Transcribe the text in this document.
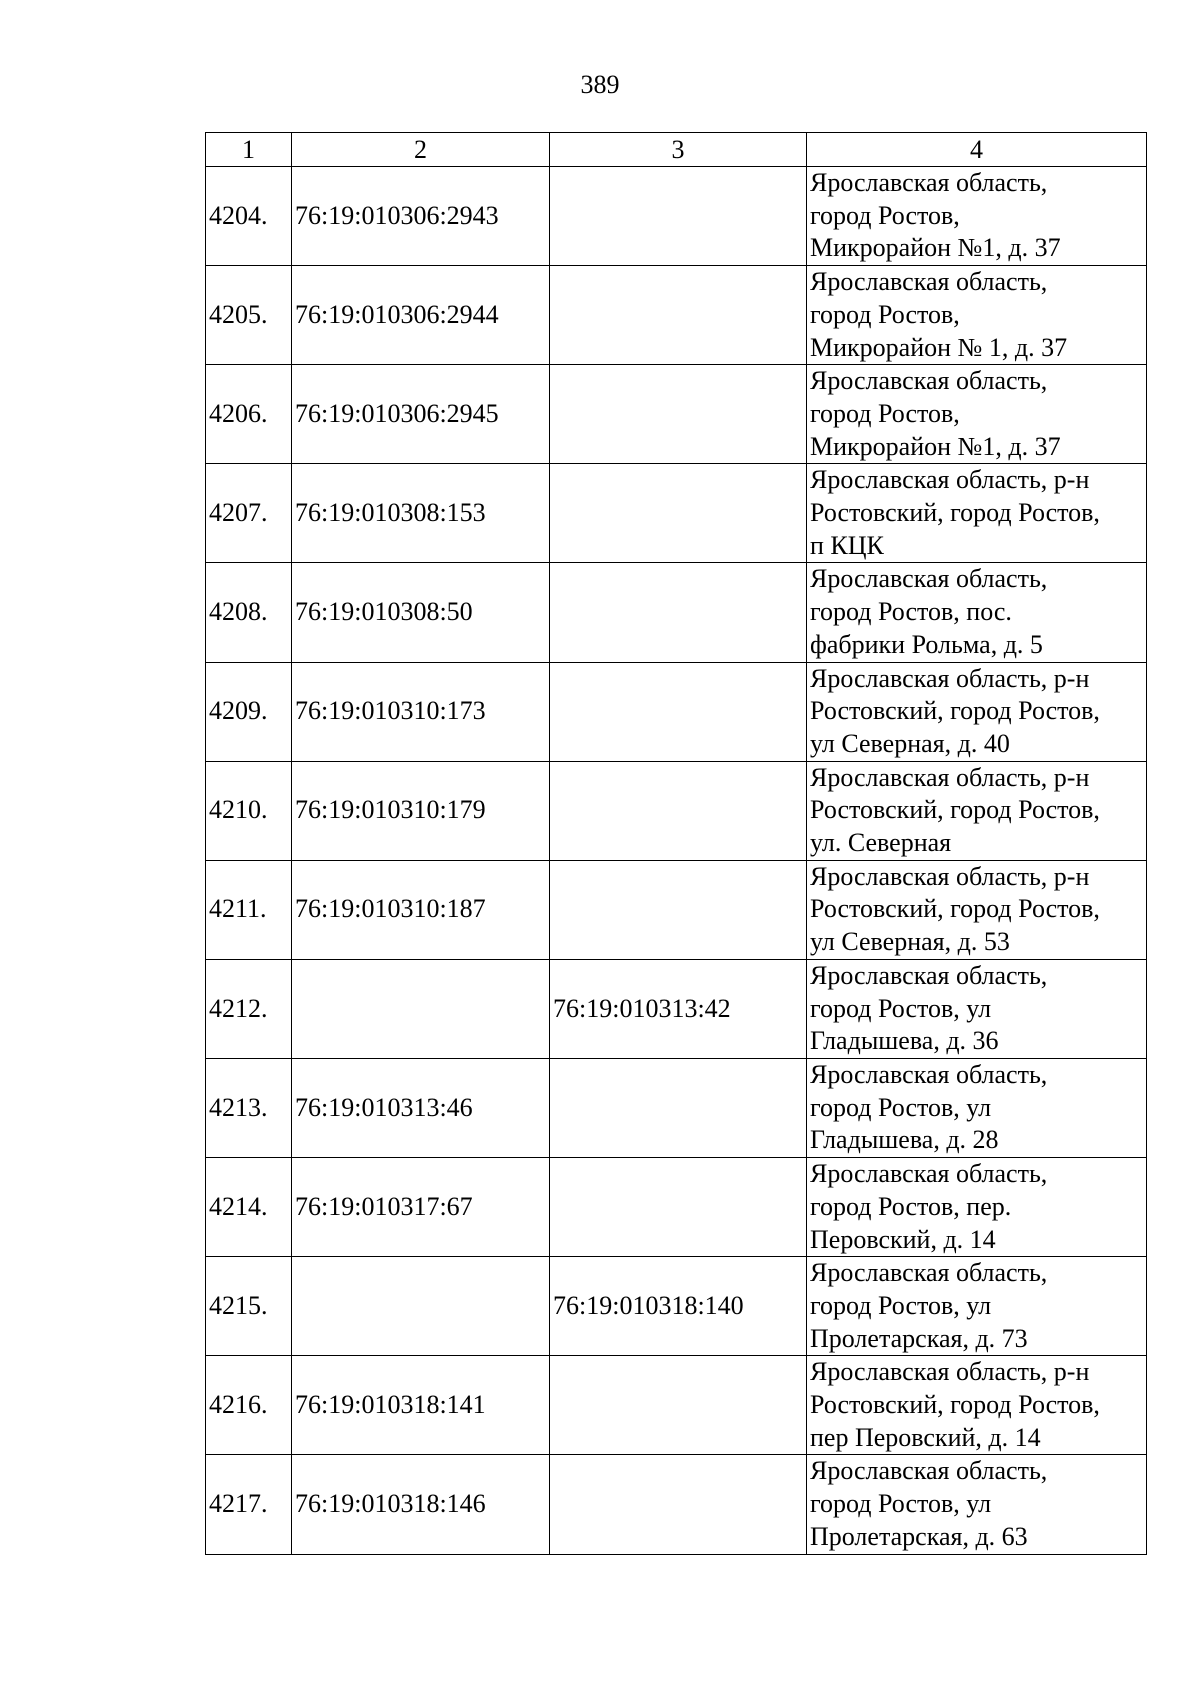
389
1	2	3	4
4204.	76:19:010306:2943		Ярославская область,
город Ростов,
Микрорайон №1, д. 37

4205.	76:19:010306:2944		Ярославская область,
город Ростов,
Микрорайон № 1, д. 37

4206.	76:19:010306:2945		Ярославская область,
город Ростов,
Микрорайон №1, д. 37

4207.	76:19:010308:153		Ярославская область, р-н
Ростовский, город Ростов,
п КЦК

4208.	76:19:010308:50		Ярославская область,
город Ростов, пос.
фабрики Рольма, д. 5

4209.	76:19:010310:173		Ярославская область, р-н
Ростовский, город Ростов,
ул Северная, д. 40

4210.	76:19:010310:179		Ярославская область, р-н
Ростовский, город Ростов,
ул. Северная

4211.	76:19:010310:187		Ярославская область, р-н
Ростовский, город Ростов,
ул Северная, д. 53

4212.		76:19:010313:42	Ярославская область,
город Ростов, ул
Гладышева, д. 36

4213.	76:19:010313:46		Ярославская область,
город Ростов, ул
Гладышева, д. 28

4214.	76:19:010317:67		Ярославская область,
город Ростов, пер.
Перовский, д. 14

4215.		76:19:010318:140	Ярославская область,
город Ростов, ул
Пролетарская, д. 73

4216.	76:19:010318:141		Ярославская область, р-н
Ростовский, город Ростов,
пер Перовский, д. 14

4217.	76:19:010318:146		Ярославская область,
город Ростов, ул
Пролетарская, д. 63
